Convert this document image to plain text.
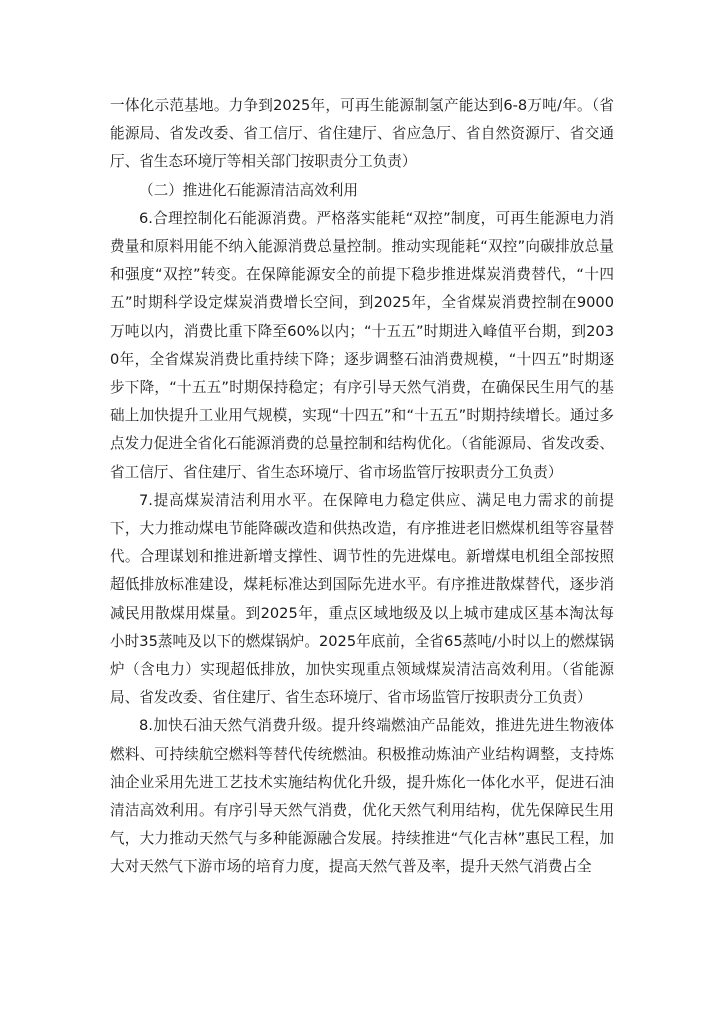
一体化示范基地。力争到2025年，可再生能源制氢产能达到6-8万吨/年。（省能源局、省发改委、省工信厅、省住建厅、省应急厅、省自然资源厅、省交通厅、省生态环境厅等相关部门按职责分工负责）

（二）推进化石能源清洁高效利用

6.合理控制化石能源消费。严格落实能耗“双控”制度，可再生能源电力消费量和原料用能不纳入能源消费总量控制。推动实现能耗“双控”向碳排放总量和强度“双控”转变。在保障能源安全的前提下稳步推进煤炭消费替代，“十四五”时期科学设定煤炭消费增长空间，到2025年，全省煤炭消费控制在9000万吨以内，消费比重下降至60%以内；“十五五”时期进入峰值平台期，到2030年，全省煤炭消费比重持续下降；逐步调整石油消费规模，“十四五”时期逐步下降，“十五五”时期保持稳定；有序引导天然气消费，在确保民生用气的基础上加快提升工业用气规模，实现“十四五”和“十五五”时期持续增长。通过多点发力促进全省化石能源消费的总量控制和结构优化。（省能源局、省发改委、省工信厅、省住建厅、省生态环境厅、省市场监管厅按职责分工负责）

7.提高煤炭清洁利用水平。在保障电力稳定供应、满足电力需求的前提下，大力推动煤电节能降碳改造和供热改造，有序推进老旧燃煤机组等容量替代。合理谋划和推进新增支撑性、调节性的先进煤电。新增煤电机组全部按照超低排放标准建设，煤耗标准达到国际先进水平。有序推进散煤替代，逐步消减民用散煤用煤量。到2025年，重点区域地级及以上城市建成区基本淘汰每小时35蒸吨及以下的燃煤锅炉。2025年底前，全省65蒸吨/小时以上的燃煤锅炉（含电力）实现超低排放，加快实现重点领域煤炭清洁高效利用。（省能源局、省发改委、省住建厅、省生态环境厅、省市场监管厅按职责分工负责）

8.加快石油天然气消费升级。提升终端燃油产品能效，推进先进生物液体燃料、可持续航空燃料等替代传统燃油。积极推动炼油产业结构调整，支持炼油企业采用先进工艺技术实施结构优化升级，提升炼化一体化水平，促进石油清洁高效利用。有序引导天然气消费，优化天然气利用结构，优先保障民生用气，大力推动天然气与多种能源融合发展。持续推进“气化吉林”惠民工程，加大对天然气下游市场的培育力度，提高天然气普及率，提升天然气消费占全
